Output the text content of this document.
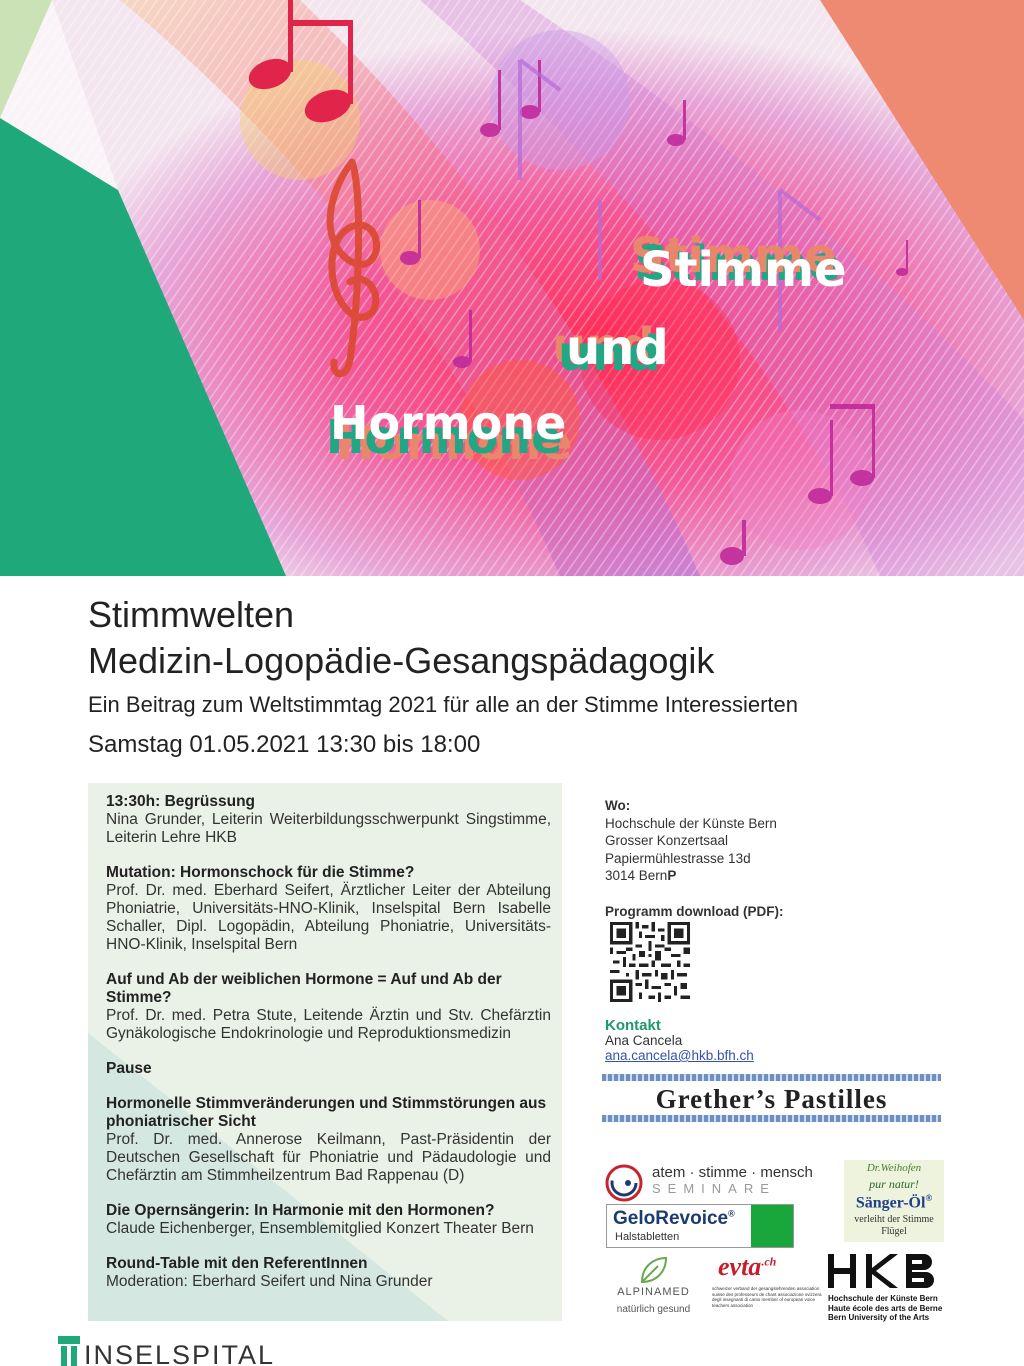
Stimme
und
Hormone
Stimmwelten
Medizin-Logopädie-Gesangspädagogik
Ein Beitrag zum Weltstimmtag 2021 für alle an der Stimme Interessierten
Samstag 01.05.2021 13:30 bis 18:00
13:30h: Begrüssung
Nina Grunder, Leiterin Weiterbildungsschwerpunkt Singstimme, Leiterin Lehre HKB
Mutation: Hormonschock für die Stimme?
Prof. Dr. med. Eberhard Seifert, Ärztlicher Leiter der Abteilung Phoniatrie, Universitäts-HNO-Klinik, Inselspital Bern Isabelle Schaller, Dipl. Logopädin, Abteilung Phoniatrie, Universitäts-HNO-Klinik, Inselspital Bern
Auf und Ab der weiblichen Hormone = Auf und Ab der Stimme?
Prof. Dr. med. Petra Stute, Leitende Ärztin und Stv. Chefärztin Gynäkologische Endokrinologie und Reproduktionsmedizin
Pause
Hormonelle Stimmveränderungen und Stimmstörungen aus phoniatrischer Sicht
Prof. Dr. med. Annerose Keilmann, Past-Präsidentin der Deutschen Gesellschaft für Phoniatrie und Pädaudologie und Chefärztin am Stimmheilzentrum Bad Rappenau (D)
Die Opernsängerin: In Harmonie mit den Hormonen?
Claude Eichenberger, Ensemblemitglied Konzert Theater Bern
Round-Table mit den ReferentInnen
Moderation: Eberhard Seifert und Nina Grunder
Wo:
Hochschule der Künste Bern
Grosser Konzertsaal
Papiermühlestrasse 13d
3014 BernP
Programm download (PDF):
Kontakt
Ana Cancela
ana.cancela@hkb.bfh.ch
Grether’s Pastilles
atem · stimme · mensch
SEMINARE
GeloRevoice®
Halstabletten
Dr.Weihofen
pur natur!
Sänger-Öl®
verleiht der Stimme Flügel
ALPINAMED
natürlich gesund
evta$^{.ch}$
schweizer verband der gesangslehrenden association suisse des professeurs de chant associazione svizzera degli insegnanti di canto member of european voice teachers association
Hochschule der Künste Bern
Haute école des arts de Berne
Bern University of the Arts
INSELSPITAL
